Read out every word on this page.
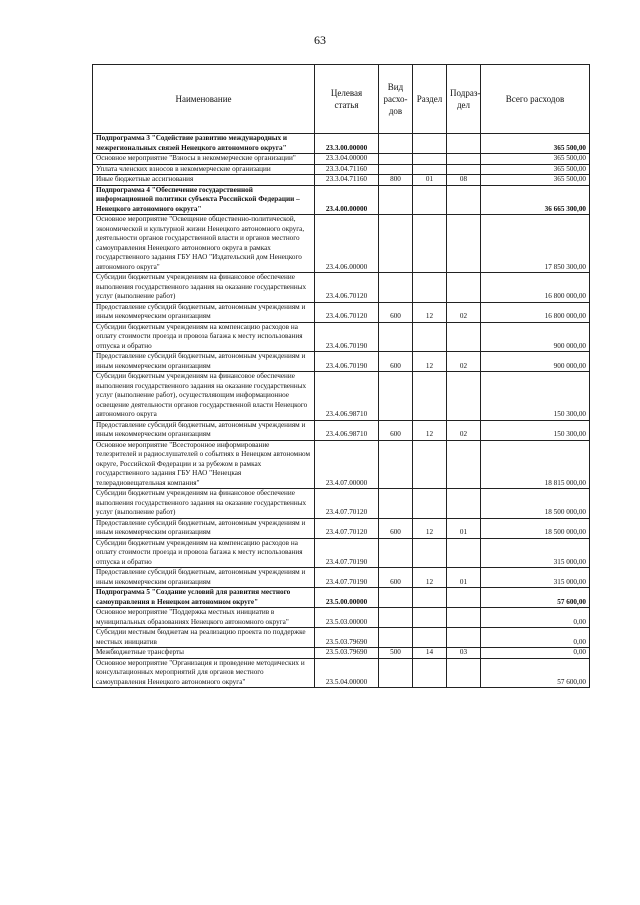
63
Наименование	Целевая статья	Вид расхо-дов	Раздел	Подраз-дел	Всего расходов
Подпрограмма 3 "Содействие развитию международных и межрегиональных связей Ненецкого автономного округа"	23.3.00.00000				365 500,00
Основное мероприятие "Взносы в некоммерческие организации"	23.3.04.00000				365 500,00
Уплата членских взносов в некоммерческие организации	23.3.04.71160				365 500,00
Иные бюджетные ассигнования	23.3.04.71160	800	01	08	365 500,00
Подпрограмма 4 "Обеспечение государственной информационной политики субъекта Российской Федерации – Ненецкого автономного округа"	23.4.00.00000				36 665 300,00
Основное мероприятие "Освещение общественно-политической, экономической и культурной жизни Ненецкого автономного округа, деятельности органов государственной власти и органов местного самоуправления Ненецкого автономного округа в рамках государственного задания ГБУ НАО "Издательский дом Ненецкого автономного округа"	23.4.06.00000				17 850 300,00
Субсидии бюджетным учреждениям на финансовое обеспечение выполнения государственного задания на оказание государственных услуг (выполнение работ)	23.4.06.70120				16 800 000,00
Предоставление субсидий бюджетным, автономным учреждениям и иным некоммерческим организациям	23.4.06.70120	600	12	02	16 800 000,00
Субсидии бюджетным учреждениям на компенсацию расходов на оплату стоимости проезда и провоза багажа к месту использования отпуска и обратно	23.4.06.70190				900 000,00
Предоставление субсидий бюджетным, автономным учреждениям и иным некоммерческим организациям	23.4.06.70190	600	12	02	900 000,00
Субсидии бюджетным учреждениям на финансовое обеспечение выполнения государственного задания на оказание государственных услуг (выполнение работ), осуществляющим информационное освещение деятельности органов государственной власти Ненецкого автономного округа	23.4.06.98710				150 300,00
Предоставление субсидий бюджетным, автономным учреждениям и иным некоммерческим организациям	23.4.06.98710	600	12	02	150 300,00
Основное мероприятие "Всесторонное информирование телезрителей и радиослушателей о событиях в Ненецком автономном округе, Российской Федерации и за рубежом в рамках государственного задания ГБУ НАО "Ненецкая телерадиовещательная компания"	23.4.07.00000				18 815 000,00
Субсидии бюджетным учреждениям на финансовое обеспечение выполнения государственного задания на оказание государственных услуг (выполнение работ)	23.4.07.70120				18 500 000,00
Предоставление субсидий бюджетным, автономным учреждениям и иным некоммерческим организациям	23.4.07.70120	600	12	01	18 500 000,00
Субсидии бюджетным учреждениям на компенсацию расходов на оплату стоимости проезда и провоза багажа к месту использования отпуска и обратно	23.4.07.70190				315 000,00
Предоставление субсидий бюджетным, автономным учреждениям и иным некоммерческим организациям	23.4.07.70190	600	12	01	315 000,00
Подпрограмма 5 "Создание условий для развития местного самоуправления в Ненецком автономном округе"	23.5.00.00000				57 600,00
Основное мероприятие "Поддержка местных инициатив в муниципальных образованиях Ненецкого автономного округа"	23.5.03.00000				0,00
Субсидии местным бюджетам на реализацию проекта по поддержке местных инициатив	23.5.03.79690				0,00
Межбюджетные трансферты	23.5.03.79690	500	14	03	0,00
Основное мероприятие "Организация и проведение методических и консультационных мероприятий для органов местного самоуправления Ненецкого автономного округа"	23.5.04.00000				57 600,00
